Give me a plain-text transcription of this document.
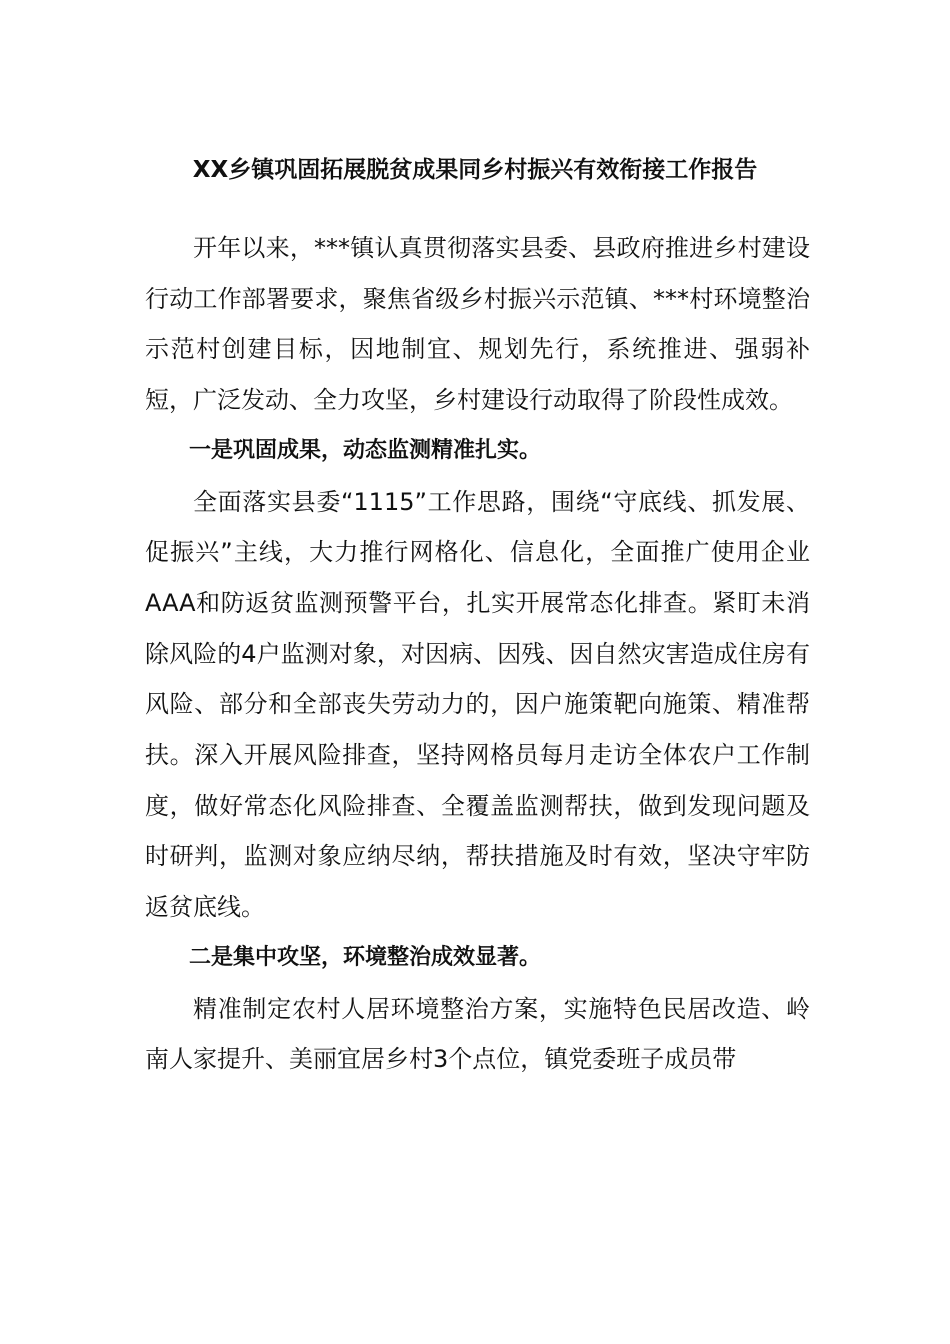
XX乡镇巩固拓展脱贫成果同乡村振兴有效衔接工作报告

开年以来，***镇认真贯彻落实县委、县政府推进乡村建设行动工作部署要求，聚焦省级乡村振兴示范镇、***村环境整治示范村创建目标，因地制宜、规划先行，系统推进、强弱补短，广泛发动、全力攻坚，乡村建设行动取得了阶段性成效。

一是巩固成果，动态监测精准扎实。

全面落实县委“1115”工作思路，围绕“守底线、抓发展、促振兴”主线，大力推行网格化、信息化，全面推广使用企业AAA和防返贫监测预警平台，扎实开展常态化排查。紧盯未消除风险的4户监测对象，对因病、因残、因自然灾害造成住房有风险、部分和全部丧失劳动力的，因户施策靶向施策、精准帮扶。深入开展风险排查，坚持网格员每月走访全体农户工作制度，做好常态化风险排查、全覆盖监测帮扶，做到发现问题及时研判，监测对象应纳尽纳，帮扶措施及时有效，坚决守牢防返贫底线。

二是集中攻坚，环境整治成效显著。

精准制定农村人居环境整治方案，实施特色民居改造、岭南人家提升、美丽宜居乡村3个点位，镇党委班子成员带
